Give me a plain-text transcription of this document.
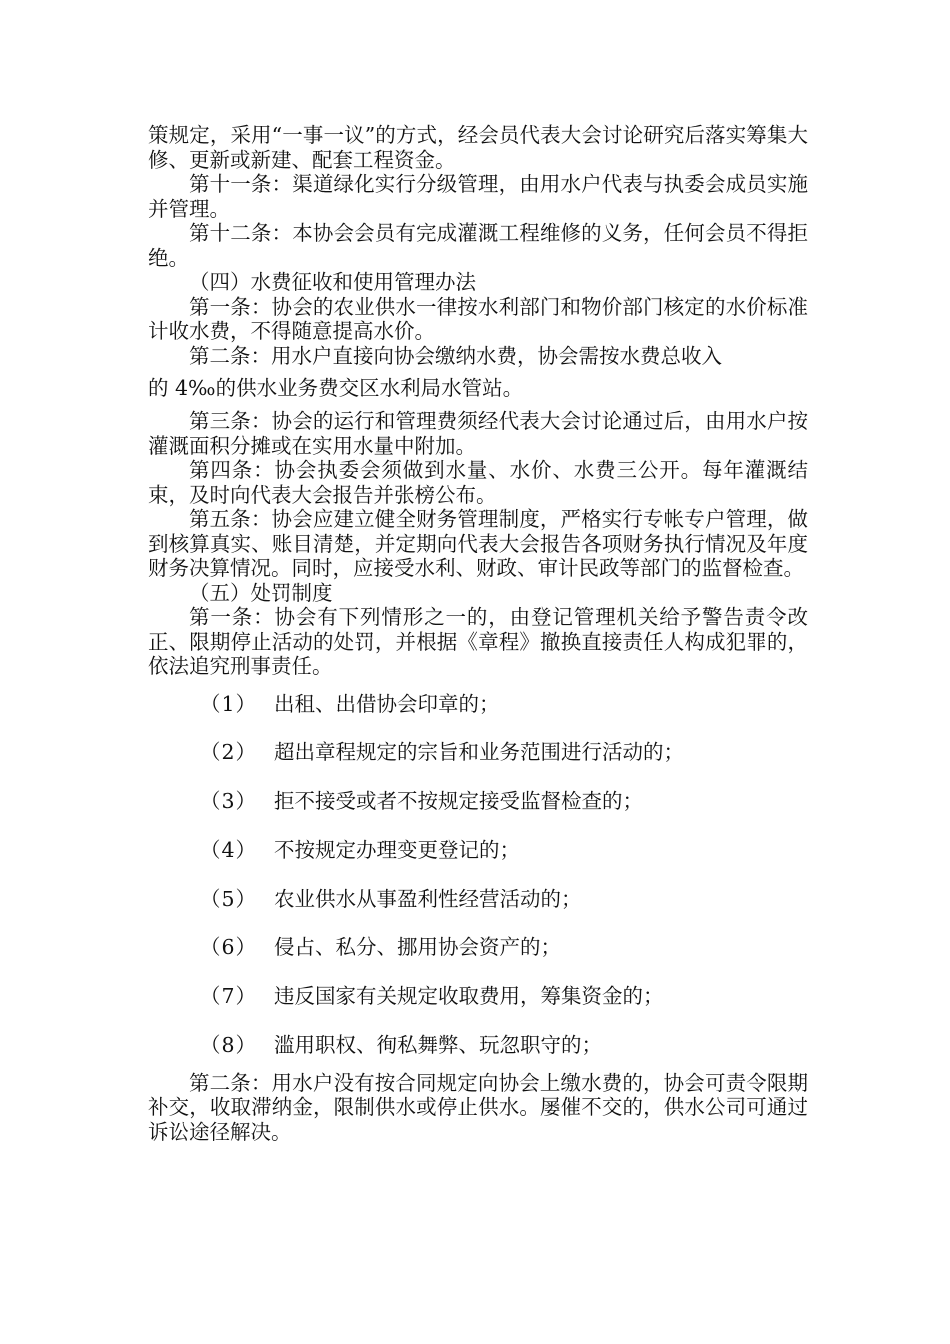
策规定，采用“一事一议”的方式，经会员代表大会讨论研究后落实筹集大修、更新或新建、配套工程资金。

第十一条：渠道绿化实行分级管理，由用水户代表与执委会成员实施并管理。

第十二条：本协会会员有完成灌溉工程维修的义务，任何会员不得拒绝。

（四）水费征收和使用管理办法

第一条：协会的农业供水一律按水利部门和物价部门核定的水价标准计收水费，不得随意提高水价。

第二条：用水户直接向协会缴纳水费，协会需按水费总收入

的 4‰的供水业务费交区水利局水管站。

第三条：协会的运行和管理费须经代表大会讨论通过后，由用水户按灌溉面积分摊或在实用水量中附加。

第四条：协会执委会须做到水量、水价、水费三公开。每年灌溉结束，及时向代表大会报告并张榜公布。

第五条：协会应建立健全财务管理制度，严格实行专帐专户管理，做到核算真实、账目清楚，并定期向代表大会报告各项财务执行情况及年度财务决算情况。同时，应接受水利、财政、审计民政等部门的监督检查。

（五）处罚制度

第一条：协会有下列情形之一的，由登记管理机关给予警告责令改正、限期停止活动的处罚，并根据《章程》撤换直接责任人构成犯罪的，依法追究刑事责任。

（1） 出租、出借协会印章的；
（2） 超出章程规定的宗旨和业务范围进行活动的；
（3） 拒不接受或者不按规定接受监督检查的；
（4） 不按规定办理变更登记的；
（5） 农业供水从事盈利性经营活动的；
（6） 侵占、私分、挪用协会资产的；
（7） 违反国家有关规定收取费用，筹集资金的；
（8） 滥用职权、徇私舞弊、玩忽职守的；

第二条：用水户没有按合同规定向协会上缴水费的，协会可责令限期补交，收取滞纳金，限制供水或停止供水。屡催不交的，供水公司可通过诉讼途径解决。
